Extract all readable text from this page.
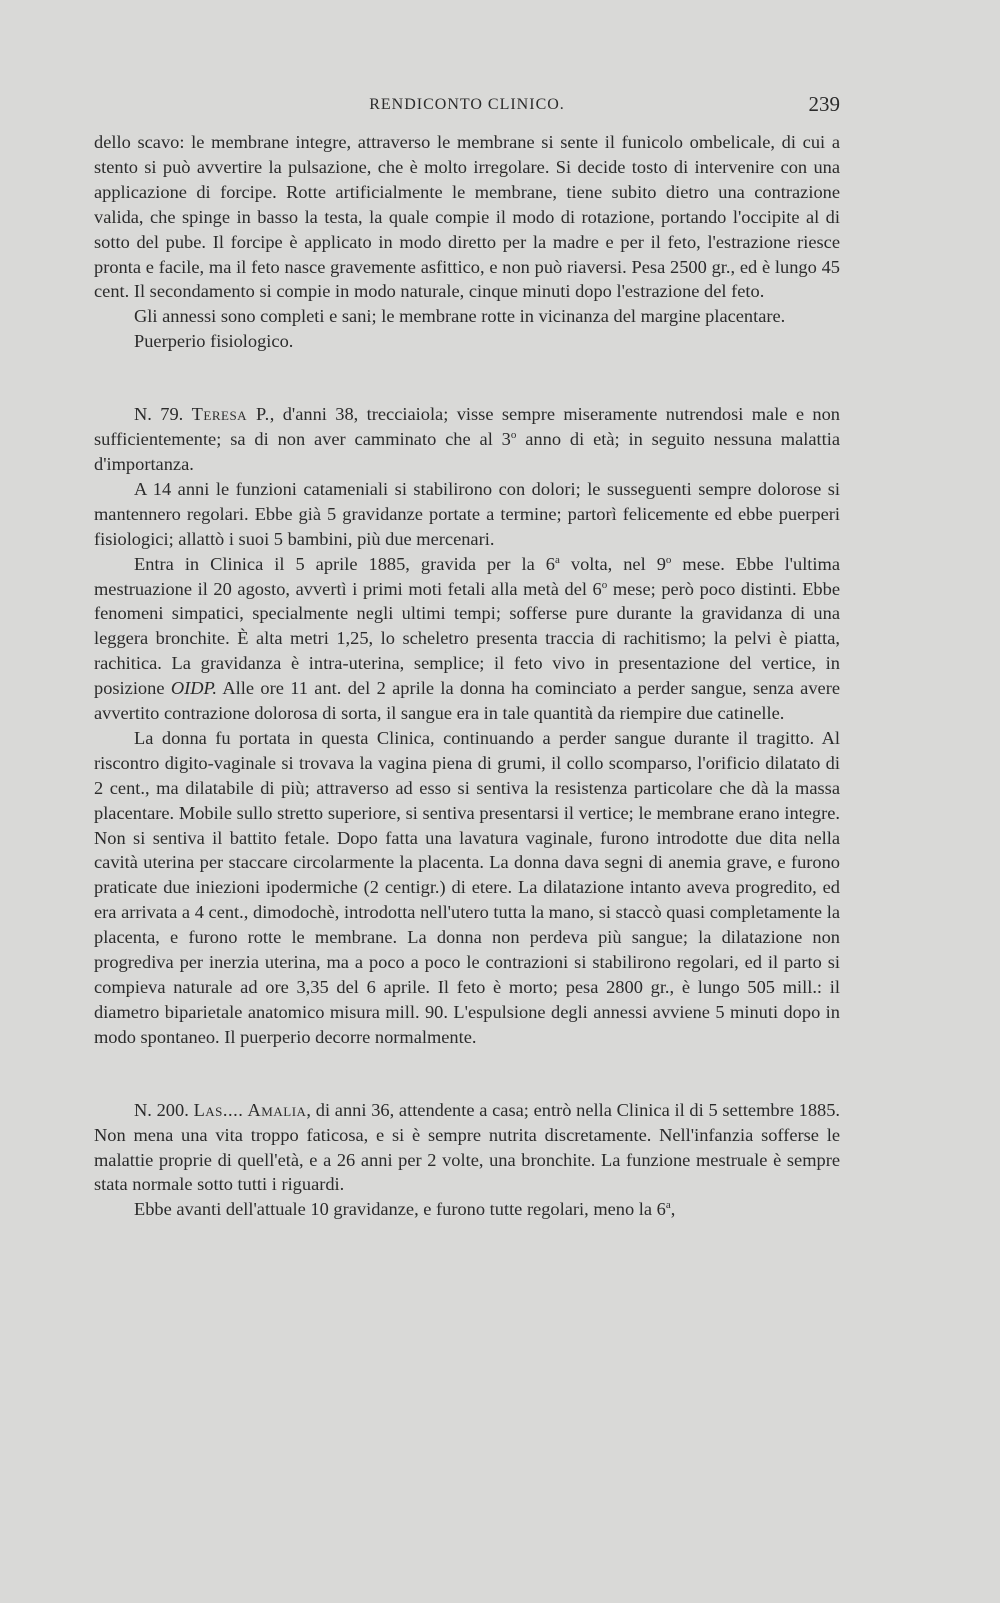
RENDICONTO CLINICO.	239

dello scavo: le membrane integre, attraverso le membrane si sente il funicolo ombelicale, di cui a stento si può avvertire la pulsazione, che è molto irregolare. Si decide tosto di intervenire con una applicazione di forcipe. Rotte artificialmente le membrane, tiene subito dietro una contrazione valida, che spinge in basso la testa, la quale compie il modo di rotazione, portando l'occipite al di sotto del pube. Il forcipe è applicato in modo diretto per la madre e per il feto, l'estrazione riesce pronta e facile, ma il feto nasce gravemente asfittico, e non può riaversi. Pesa 2500 gr., ed è lungo 45 cent. Il secondamento si compie in modo naturale, cinque minuti dopo l'estrazione del feto.

Gli annessi sono completi e sani; le membrane rotte in vicinanza del margine placentare.

Puerperio fisiologico.

N. 79. Teresa P., d'anni 38, trecciaiola; visse sempre miseramente nutrendosi male e non sufficientemente; sa di non aver camminato che al 3$^o$ anno di età; in seguito nessuna malattia d'importanza.

A 14 anni le funzioni catameniali si stabilirono con dolori; le susseguenti sempre dolorose si mantennero regolari. Ebbe già 5 gravidanze portate a termine; partorì felicemente ed ebbe puerperi fisiologici; allattò i suoi 5 bambini, più due mercenari.

Entra in Clinica il 5 aprile 1885, gravida per la 6$^a$ volta, nel 9$^o$ mese. Ebbe l'ultima mestruazione il 20 agosto, avvertì i primi moti fetali alla metà del 6$^o$ mese; però poco distinti. Ebbe fenomeni simpatici, specialmente negli ultimi tempi; sofferse pure durante la gravidanza di una leggera bronchite. È alta metri 1,25, lo scheletro presenta traccia di rachitismo; la pelvi è piatta, rachitica. La gravidanza è intra-uterina, semplice; il feto vivo in presentazione del vertice, in posizione OIDP. Alle ore 11 ant. del 2 aprile la donna ha cominciato a perder sangue, senza avere avvertito contrazione dolorosa di sorta, il sangue era in tale quantità da riempire due catinelle.

La donna fu portata in questa Clinica, continuando a perder sangue durante il tragitto. Al riscontro digito-vaginale si trovava la vagina piena di grumi, il collo scomparso, l'orificio dilatato di 2 cent., ma dilatabile di più; attraverso ad esso si sentiva la resistenza particolare che dà la massa placentare. Mobile sullo stretto superiore, si sentiva presentarsi il vertice; le membrane erano integre. Non si sentiva il battito fetale. Dopo fatta una lavatura vaginale, furono introdotte due dita nella cavità uterina per staccare circolarmente la placenta. La donna dava segni di anemia grave, e furono praticate due iniezioni ipodermiche (2 centigr.) di etere. La dilatazione intanto aveva progredito, ed era arrivata a 4 cent., dimodochè, introdotta nell'utero tutta la mano, si staccò quasi completamente la placenta, e furono rotte le membrane. La donna non perdeva più sangue; la dilatazione non progrediva per inerzia uterina, ma a poco a poco le contrazioni si stabilirono regolari, ed il parto si compieva naturale ad ore 3,35 del 6 aprile. Il feto è morto; pesa 2800 gr., è lungo 505 mill.: il diametro biparietale anatomico misura mill. 90. L'espulsione degli annessi avviene 5 minuti dopo in modo spontaneo. Il puerperio decorre normalmente.

N. 200. Las.... Amalia, di anni 36, attendente a casa; entrò nella Clinica il di 5 settembre 1885. Non mena una vita troppo faticosa, e si è sempre nutrita discretamente. Nell'infanzia sofferse le malattie proprie di quell'età, e a 26 anni per 2 volte, una bronchite. La funzione mestruale è sempre stata normale sotto tutti i riguardi.

Ebbe avanti dell'attuale 10 gravidanze, e furono tutte regolari, meno la 6$^a$,
